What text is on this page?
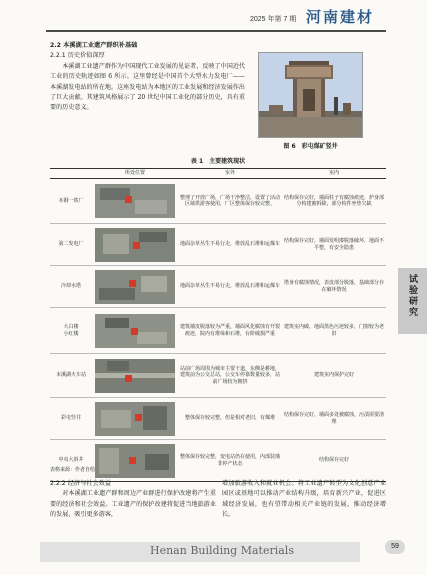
2025 年第 7 期 河南建材
试验研究
2.2 本溪湖工业遗产群织补基础
2.2.1 历史价值深厚

本溪湖工业遗产群作为中国现代工业发展的见证者，反映了中国近代工业的历史轨迹如图 6 所示。这里曾经是中国首个大型水力发电厂——本溪湖发电站的所在地。这座发电站为本地区的工业发展和经济发展作出了巨大贡献。其建筑风格展示了 20 世纪中国工业化的部分历史，具有重要的历史意义。

图 6　彩屯煤矿竖井
表 1　主要建筑现状
	所处位置	室外	室内
本钢一铁厂		整理了开放广场，广场干净整洁，设置了活动区域供游客使用，厂区整体保存较完整。	结构保存完好，墙面柱子有腐蚀痕迹，炉身部分构建被拆除，部分构件坐垫欠缺
第二发电厂		地面杂草丛生不易行走，堆放乱石堆和运煤车	结构保存完好，墙面发明漆脱落破坏，地面不平整，有安全隐患
冷却水塔		地面杂草丛生不易行走，堆放乱石堆和运煤车	塔身有腐蚀情况，表皮部分脱落，基础部分存在破坏情况
大白楼
小红楼		建筑墙皮脱落较为严重，墙面风化腐蚀有开裂痕迹，院内有堆垛和石堆，台阶破损严重	建筑室内破、地面黑色污迹较多，门窗较为老旧
本溪湖火车站		站前广场周围为城市主要干道，东侧是耕地，建筑前为公交总站，公交车停靠数量较多，站前广场较为拥挤	建筑室内保护完好
彩屯竖井		整体保存较完整，但是相对老旧，有煤堆	结构保存完好，墙面多处被腐蚀，污渍需要清理
中央大斜井		整体保存较完整，变电站仍在使用，内部装璜非停产状态	结构保存完好
表格来源：作者自绘
2.2.2 经济与社会效益

对本溪湖工业遗产群和周边产业群进行保护改建将产生重要的经济和社会效益。工业遗产的保护改建将促进当地旅游业的发展，吸引更多游客，

增加旅游收入和就业机会。将工业遗产转型为文化创意产业园区或基地可以推动产业结构升级，培育新兴产业，促进区域经济发展，也有望带动相关产业链的发展，推动经济增长。

Henan Building Materials	59
